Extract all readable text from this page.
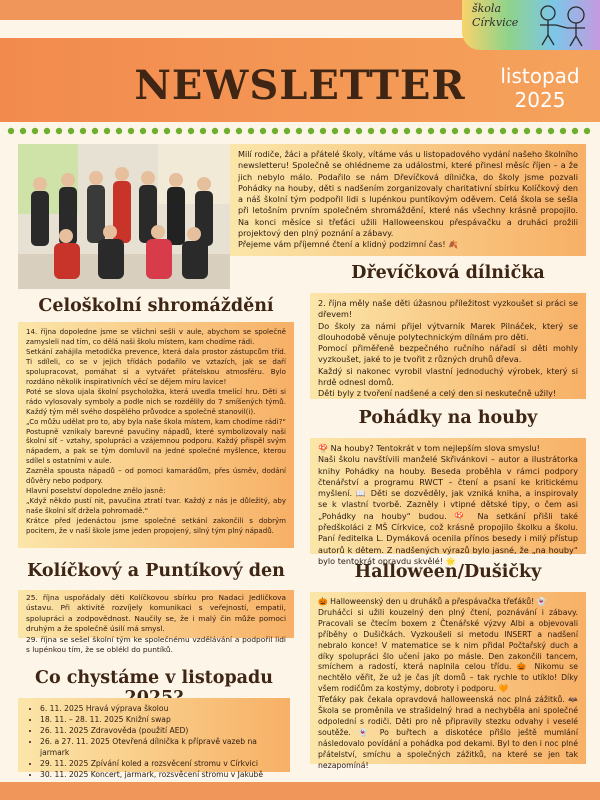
škola
Církvice
NEWSLETTER	listopad
2025

Milí rodiče, žáci a přátelé školy, vítáme vás u listopadového vydání našeho školního newsletteru! Společně se ohlédneme za událostmi, které přinesl měsíc říjen – a že jich nebylo málo. Podařilo se nám Dřevíčková dílnička, do školy jsme pozvali Pohádky na houby, děti s nadšením zorganizovaly charitativní sbírku Kolíčkový den a náš školní tým podpořil lidi s lupénkou puntíkovým oděvem. Celá škola se sešla při letošním prvním společném shromáždění, které nás všechny krásně propojilo. Na konci měsíce si třeťáci užili Halloweenskou přespávačku a druháci prožili projektový den plný poznání a zábavy.

Přejeme vám příjemné čtení a klidný podzimní čas! 🍂

Dřevíčková dílnička

2. října měly naše děti úžasnou příležitost vyzkoušet si práci se dřevem!

Do školy za námi přijel výtvarník Marek Pilnáček, který se dlouhodobě věnuje polytechnickým dílnám pro děti.

Pomocí přiměřeně bezpečného ručního nářadí si děti mohly vyzkoušet, jaké to je tvořit z různých druhů dřeva.

Každý si nakonec vyrobil vlastní jednoduchý výrobek, který si hrdě odnesl domů.

Děti byly z tvoření nadšené a celý den si neskutečně užily!

Pohádky na houby

🍄 Na houby? Tentokrát v tom nejlepším slova smyslu!

Naši školu navštívili manželé Skřivánkovi – autor a ilustrátorka knihy Pohádky na houby. Beseda proběhla v rámci podpory čtenářství a programu RWCT – čtení a psaní ke kritickému myšlení. 📖 Děti se dozvěděly, jak vzniká kniha, a inspirovaly se k vlastní tvorbě. Zazněly i vtipné dětské tipy, o čem asi „Pohádky na houby“ budou. 🍄 Na setkání přišli také předškoláci z MŠ Církvice, což krásně propojilo školku a školu. Paní ředitelka L. Dymáková ocenila přínos besedy i milý přístup autorů k dětem. Z nadšených výrazů bylo jasné, že „na houby“ bylo tentokrát opravdu skvělé! 🌟

Celoškolní shromáždění

14. října dopoledne jsme se všichni sešli v aule, abychom se společně zamysleli nad tím, co dělá naši školu místem, kam chodíme rádi.

Setkání zahájila metodička prevence, která dala prostor zástupcům tříd. Ti sdíleli, co se v jejich třídách podařilo ve vztazích, jak se daří spolupracovat, pomáhat si a vytvářet přátelskou atmosféru. Bylo rozdáno několik inspirativních věcí se dějem míru lavice!

Poté se slova ujala školní psycholožka, která uvedla tmelící hru. Děti si rádo vylosovaly symboly a podle nich se rozdělily do 7 smíšených týmů. Každý tým měl svého dospělého průvodce a společně stanovil(i).

„Co můžu udělat pro to, aby byla naše škola místem, kam chodíme rádi?“ Postupně vznikaly barevné pavučiny nápadů, které symbolizovaly naši školní síť – vztahy, spolupráci a vzájemnou podporu. Každý přispěl svým nápadem, a pak se tým domluvil na jedné společné myšlence, kterou sdílel s ostatními v aule.

Zazněla spousta nápadů – od pomoci kamarádům, přes úsměv, dodání důvěry nebo podpory.

Hlavní poselství dopoledne znělo jasně:

„Když někdo pustí nit, pavučina ztratí tvar. Každý z nás je důležitý, aby naše školní síť držela pohromadě.“

Krátce před jedenáctou jsme společné setkání zakončili s dobrým pocitem, že v naší škole jsme jeden propojený, silný tým plný nápadů.

Kolíčkový a Puntíkový den

25. října uspořádaly děti Kolíčkovou sbírku pro Nadaci Jedličkova ústavu. Při aktivitě rozvíjely komunikaci s veřejností, empatii, spolupráci a zodpovědnost. Naučily se, že i malý čin může pomoci druhým a že společně úsilí má smysl.

29. října se sešel školní tým ke společnému vzdělávání a podpořil lidi s lupénkou tím, že se oblékl do puntíků.

Co chystáme v listopadu
• 6. 11. 2025 Hravá výprava školou
• 18. 11. – 28. 11. 2025 Knižní swap
• 26. 11. 2025 Zdravověda (použití AED)
• 26. a 27. 11. 2025 Otevřená dílnička k přípravě vazeb na jarmark
• 29. 11. 2025 Zpívání koled a rozsvěcení stromu v Církvici
• 30. 11. 2025 Koncert, jarmark, rozsvěcení stromu v Jakubě
Halloween/Dušičky

🎃 Halloweenský den u druháků a přespávačka třeťáků! 👻

Druháčci si užili kouzelný den plný čtení, poznávání i zábavy. Pracovali se čtecím boxem z Čtenářské výzvy Albi a objevovali příběhy o Dušičkách. Vyzkoušeli si metodu INSERT a nadšení nebralo konce! V matematice se k nim přidal Počtařský duch a díky spolupráci šlo učení jako po másle. Den zakončili tancem, smíchem a radostí, která naplnila celou třídu. 🎃 Nikomu se nechtělo věřit, že už je čas jít domů – tak rychle to utíklo! Díky všem rodičům za kostýmy, dobroty i podporu. 🧡

Třeťáky pak čekala opravdová halloweenská noc plná zážitků. 🦇 Škola se proměnila ve strašidelný hrad a nechyběla ani společné odpolední s rodiči. Děti pro ně připravily stezku odvahy i veselé soutěže. 👻 Po buřtech a diskotéce přišlo ještě mumlání následovalo povídání a pohádka pod dekami. Byl to den i noc plné přátelství, smíchu a společných zážitků, na které se jen tak nezapomíná!
